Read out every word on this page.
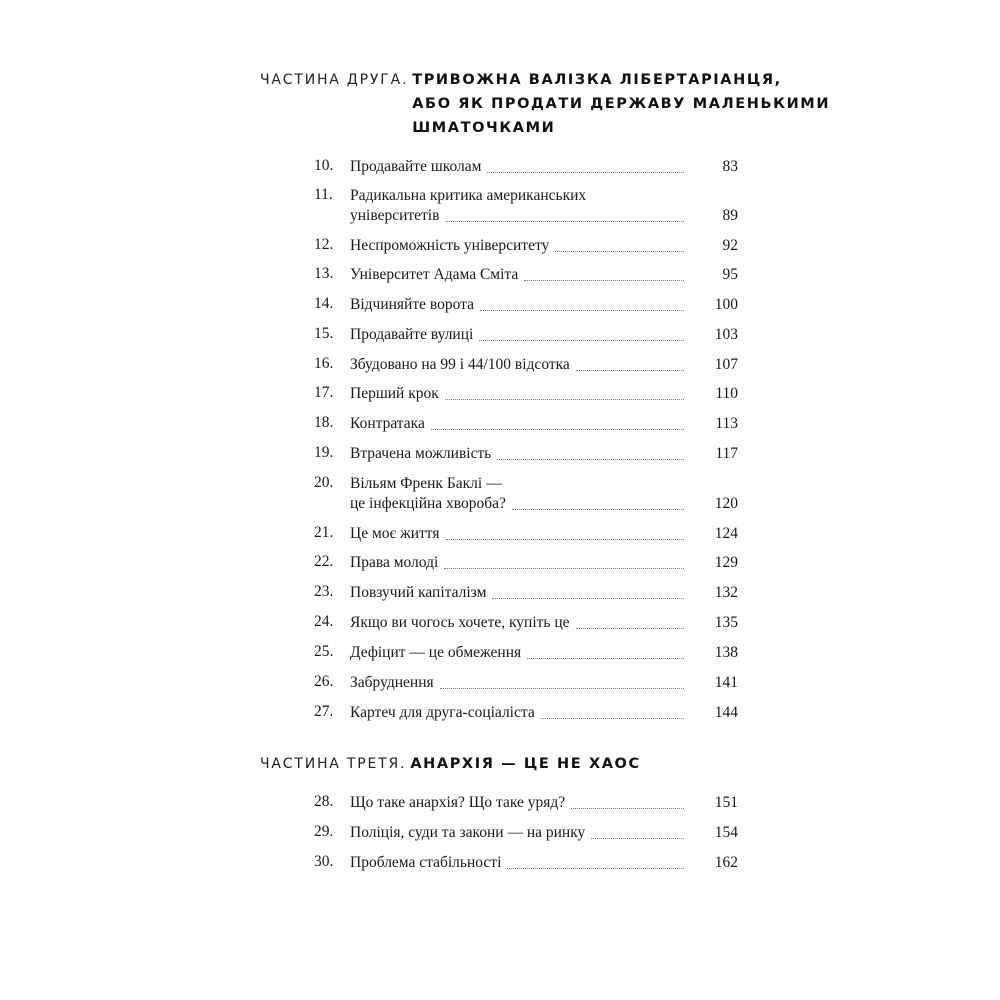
ЧАСТИНА ДРУГА. ТРИВОЖНА ВАЛІЗКА ЛІБЕРТАРІАНЦЯ,
АБО ЯК ПРОДАТИ ДЕРЖАВУ МАЛЕНЬКИМИ
ШМАТОЧКАМИ
10.	Продавайте школам	83
11.	Радикальна критика американських
університетів	89
12.	Неспроможність університету	92
13.	Університет Адама Сміта	95
14.	Відчиняйте ворота	100
15.	Продавайте вулиці	103
16.	Збудовано на 99 і 44/100 відсотка	107
17.	Перший крок	110
18.	Контратака	113
19.	Втрачена можливість	117
20.	Вільям Френк Баклі —
це інфекційна хвороба?	120
21.	Це моє життя	124
22.	Права молоді	129
23.	Повзучий капіталізм	132
24.	Якщо ви чогось хочете, купіть це	135
25.	Дефіцит — це обмеження	138
26.	Забруднення	141
27.	Картеч для друга-соціаліста	144
ЧАСТИНА ТРЕТЯ. АНАРХІЯ — ЦЕ НЕ ХАОС
28.	Що таке анархія? Що таке уряд?	151
29.	Поліція, суди та закони — на ринку	154
30.	Проблема стабільності	162
